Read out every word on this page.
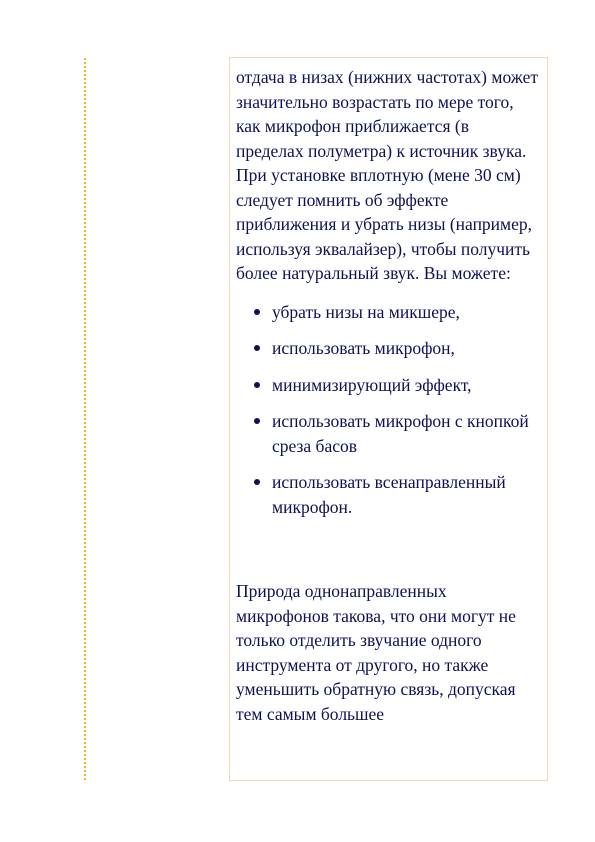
отдача в низах (нижних частотах) может значительно возрастать по мере того, как микрофон приближается (в пределах полуметра) к источник звука. При установке вплотную (мене 30 см) следует помнить об эффекте приближения и убрать низы (например, используя эквалайзер), чтобы получить более натуральный звук. Вы можете:

убрать низы на микшере,
использовать микрофон,
минимизирующий эффект,
использовать микрофон с кнопкой среза басов
использовать всенаправленный микрофон.

Природа однонаправленных микрофонов такова, что они могут не только отделить звучание одного инструмента от другого, но также уменьшить обратную связь, допуская тем самым большее
